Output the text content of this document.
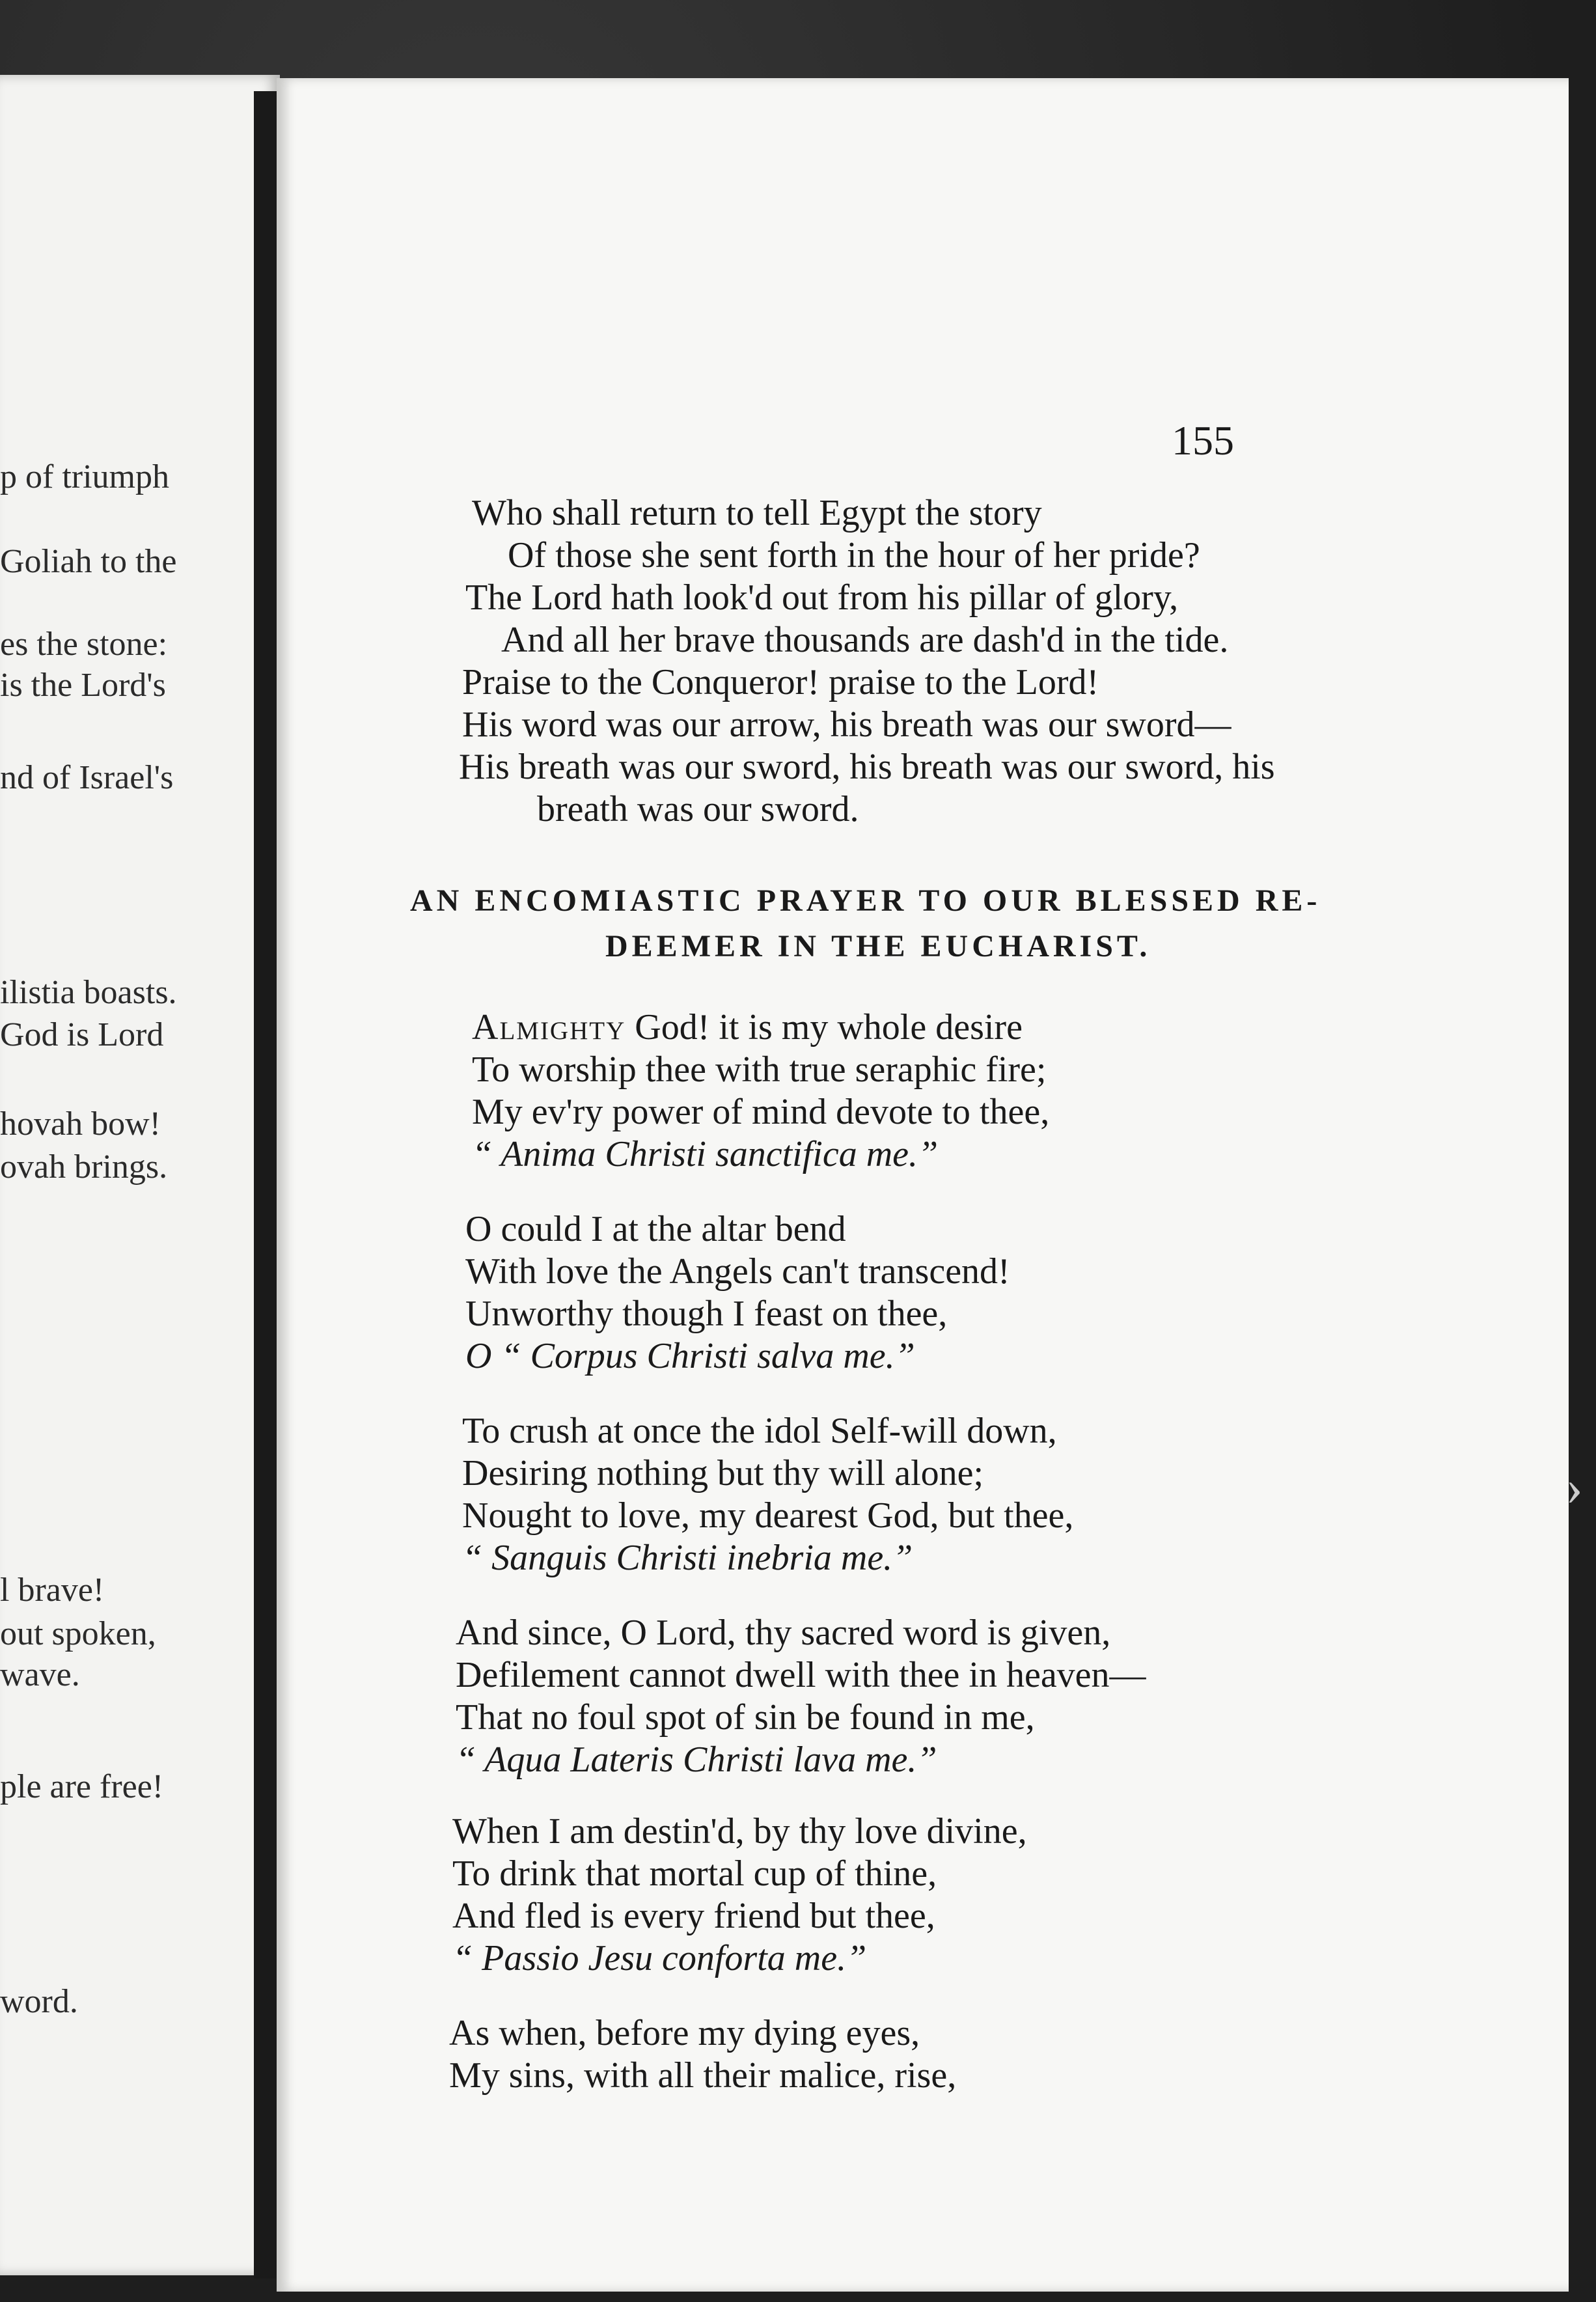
p of triumph
Goliah to the
es the stone:
is the Lord's
nd of Israel's
ilistia boasts.
God is Lord
hovah bow!
ovah brings.
l brave!
out spoken,
wave.
ple are free!
word.
155
Who shall return to tell Egypt the story
Of those she sent forth in the hour of her pride?
The Lord hath look'd out from his pillar of glory,
And all her brave thousands are dash'd in the tide.
Praise to the Conqueror! praise to the Lord!
His word was our arrow, his breath was our sword—
His breath was our sword, his breath was our sword, his
breath was our sword.
AN ENCOMIASTIC PRAYER TO OUR BLESSED RE-
DEEMER IN THE EUCHARIST.
Almighty God! it is my whole desire
To worship thee with true seraphic fire;
My ev'ry power of mind devote to thee,
“ Anima Christi sanctifica me.”
O could I at the altar bend
With love the Angels can't transcend!
Unworthy though I feast on thee,
O “ Corpus Christi salva me.”
To crush at once the idol Self-will down,
Desiring nothing but thy will alone;
Nought to love, my dearest God, but thee,
“ Sanguis Christi inebria me.”
And since, O Lord, thy sacred word is given,
Defilement cannot dwell with thee in heaven—
That no foul spot of sin be found in me,
“ Aqua Lateris Christi lava me.”
When I am destin'd, by thy love divine,
To drink that mortal cup of thine,
And fled is every friend but thee,
“ Passio Jesu conforta me.”
As when, before my dying eyes,
My sins, with all their malice, rise,
›
